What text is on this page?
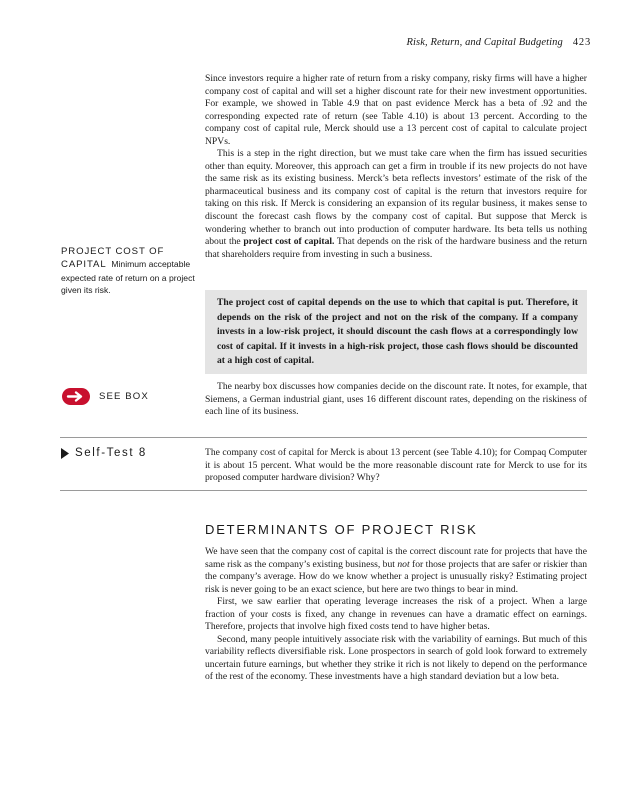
Risk, Return, and Capital Budgeting 423

Since investors require a higher rate of return from a risky company, risky firms will have a higher company cost of capital and will set a higher discount rate for their new investment opportunities. For example, we showed in Table 4.9 that on past evidence Merck has a beta of .92 and the corresponding expected rate of return (see Table 4.10) is about 13 percent. According to the company cost of capital rule, Merck should use a 13 percent cost of capital to calculate project NPVs.

This is a step in the right direction, but we must take care when the firm has issued securities other than equity. Moreover, this approach can get a firm in trouble if its new projects do not have the same risk as its existing business. Merck’s beta reflects investors’ estimate of the risk of the pharmaceutical business and its company cost of capital is the return that investors require for taking on this risk. If Merck is considering an expansion of its regular business, it makes sense to discount the forecast cash flows by the company cost of capital. But suppose that Merck is wondering whether to branch out into production of computer hardware. Its beta tells us nothing about the project cost of capital. That depends on the risk of the hardware business and the return that shareholders require from investing in such a business.

PROJECT COST OF CAPITAL Minimum acceptable expected rate of return on a project given its risk.
The project cost of capital depends on the use to which that capital is put. Therefore, it depends on the risk of the project and not on the risk of the company. If a company invests in a low-risk project, it should discount the cash flows at a correspondingly low cost of capital. If it invests in a high-risk project, those cash flows should be discounted at a high cost of capital.
SEE BOX

The nearby box discusses how companies decide on the discount rate. It notes, for example, that Siemens, a German industrial giant, uses 16 different discount rates, depending on the riskiness of each line of its business.

Self-Test 8	The company cost of capital for Merck is about 13 percent (see Table 4.10); for Compaq Computer it is about 15 percent. What would be the more reasonable discount rate for Merck to use for its proposed computer hardware division? Why?

DETERMINANTS OF PROJECT RISK

We have seen that the company cost of capital is the correct discount rate for projects that have the same risk as the company’s existing business, but not for those projects that are safer or riskier than the company’s average. How do we know whether a project is unusually risky? Estimating project risk is never going to be an exact science, but here are two things to bear in mind.

First, we saw earlier that operating leverage increases the risk of a project. When a large fraction of your costs is fixed, any change in revenues can have a dramatic effect on earnings. Therefore, projects that involve high fixed costs tend to have higher betas.

Second, many people intuitively associate risk with the variability of earnings. But much of this variability reflects diversifiable risk. Lone prospectors in search of gold look forward to extremely uncertain future earnings, but whether they strike it rich is not likely to depend on the performance of the rest of the economy. These investments have a high standard deviation but a low beta.
